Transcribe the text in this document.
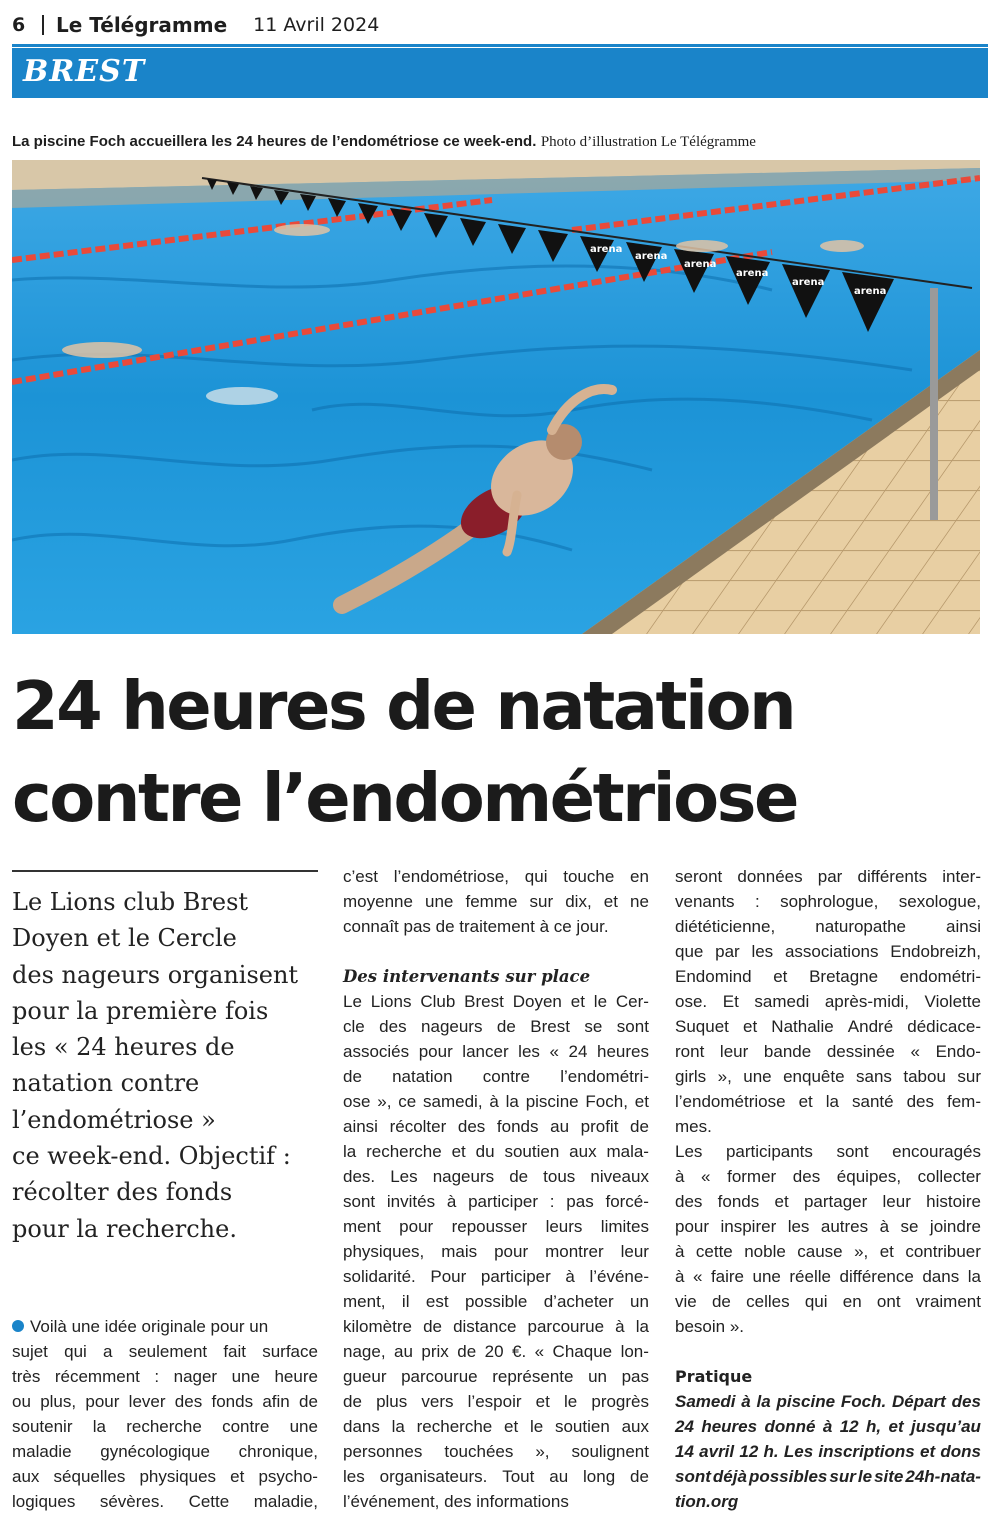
6	Le Télégramme 11 Avril 2024
BREST
La piscine Foch accueillera les 24 heures de l’endométriose ce week-end. Photo d’illustration Le Télégramme
arena
arena
arena
arena
arena
arena
24 heures de natation
contre l’endométriose
Le Lions club Brest
Doyen et le Cercle
des nageurs organisent
pour la première fois
les « 24 heures de
natation contre
l’endométriose »
ce week-end. Objectif :
récolter des fonds
pour la recherche.
Voilà une idée originale pour un
sujet qui a seulement fait surface
très récemment : nager une heure
ou plus, pour lever des fonds afin de
soutenir la recherche contre une
maladie gynécologique chronique,
aux séquelles physiques et psycho-
logiques sévères. Cette maladie,
c’est l’endométriose, qui touche en
moyenne une femme sur dix, et ne
connaît pas de traitement à ce jour.
Des intervenants sur place
Le Lions Club Brest Doyen et le Cer-
cle des nageurs de Brest se sont
associés pour lancer les « 24 heures
de natation contre l’endométri-
ose », ce samedi, à la piscine Foch, et
ainsi récolter des fonds au profit de
la recherche et du soutien aux mala-
des. Les nageurs de tous niveaux
sont invités à participer : pas forcé-
ment pour repousser leurs limites
physiques, mais pour montrer leur
solidarité. Pour participer à l’événe-
ment, il est possible d’acheter un
kilomètre de distance parcourue à la
nage, au prix de 20 €. « Chaque lon-
gueur parcourue représente un pas
de plus vers l’espoir et le progrès
dans la recherche et le soutien aux
personnes touchées », soulignent
les organisateurs. Tout au long de
l’événement, des informations
seront données par différents inter-
venants : sophrologue, sexologue,
diététicienne, naturopathe ainsi
que par les associations Endobreizh,
Endomind et Bretagne endométri-
ose. Et samedi après-midi, Violette
Suquet et Nathalie André dédicace-
ront leur bande dessinée « Endo-
girls », une enquête sans tabou sur
l’endométriose et la santé des fem-
mes.
Les participants sont encouragés
à « former des équipes, collecter
des fonds et partager leur histoire
pour inspirer les autres à se joindre
à cette noble cause », et contribuer
à « faire une réelle différence dans la
vie de celles qui en ont vraiment
besoin ».
Pratique
Samedi à la piscine Foch. Départ des
24 heures donné à 12 h, et jusqu’au
14 avril 12 h. Les inscriptions et dons
sont déjà possibles sur le site 24h-nata-
tion.org
